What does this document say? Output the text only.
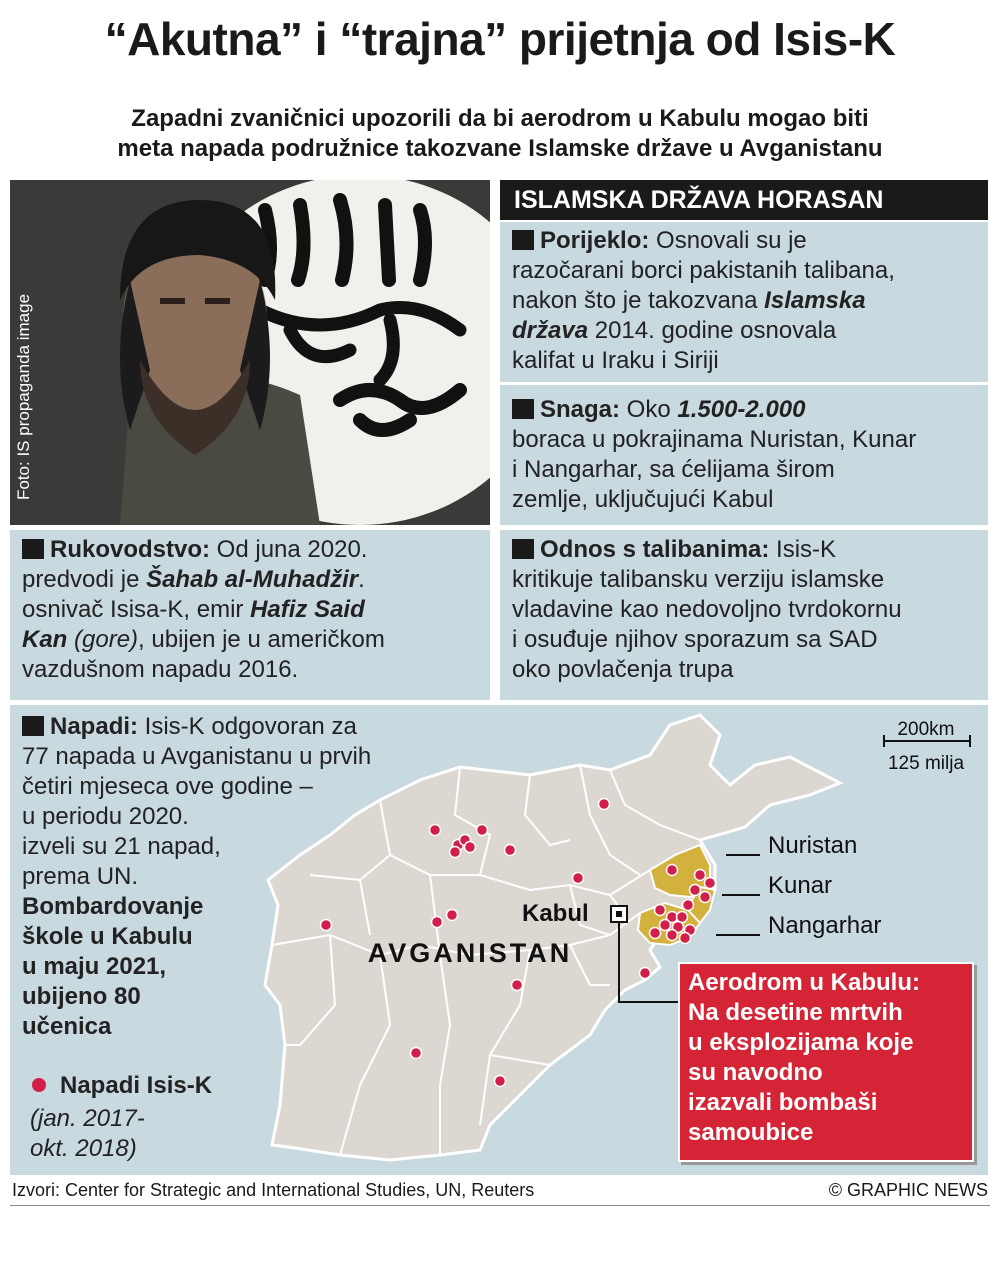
“Akutna” i “trajna” prijetnja od Isis-K
Zapadni zvaničnici upozorili da bi aerodrom u Kabulu mogao biti
meta napada podružnice takozvane Islamske države u Avganistanu
Foto: IS propaganda image
ISLAMSKA DRŽAVA HORASAN
Porijeklo: Osnovali su je
razočarani borci pakistanih talibana,
nakon što je takozvana Islamska
država 2014. godine osnovala
kalifat u Iraku i Siriji
Snaga: Oko 1.500-2.000
boraca u pokrajinama Nuristan, Kunar
i Nangarhar, sa ćelijama širom
zemlje, uključujući Kabul
Rukovodstvo: Od juna 2020.
predvodi je Šahab al-Muhadžir.
osnivač Isisa-K, emir Hafiz Said
Kan (gore), ubijen je u američkom
vazdušnom napadu 2016.
Odnos s talibanima: Isis-K
kritikuje talibansku verziju islamske
vladavine kao nedovoljno tvrdokornu
i osuđuje njihov sporazum sa SAD
oko povlačenja trupa
200km
125 milja
AVGANISTAN
Kabul
Nuristan
Kunar
Nangarhar
Napadi: Isis-K odgovoran za
77 napada u Avganistanu u prvih
četiri mjeseca ove godine –
u periodu 2020.
izveli su 21 napad,
prema UN.
Bombardovanje
škole u Kabulu
u maju 2021,
ubijeno 80
učenica
Napadi Isis-K
(jan. 2017-
okt. 2018)
Aerodrom u Kabulu:
Na desetine mrtvih
u eksplozijama koje
su navodno
izazvali bombaši
samoubice
Izvori: Center for Strategic and International Studies, UN, Reuters	© GRAPHIC NEWS
